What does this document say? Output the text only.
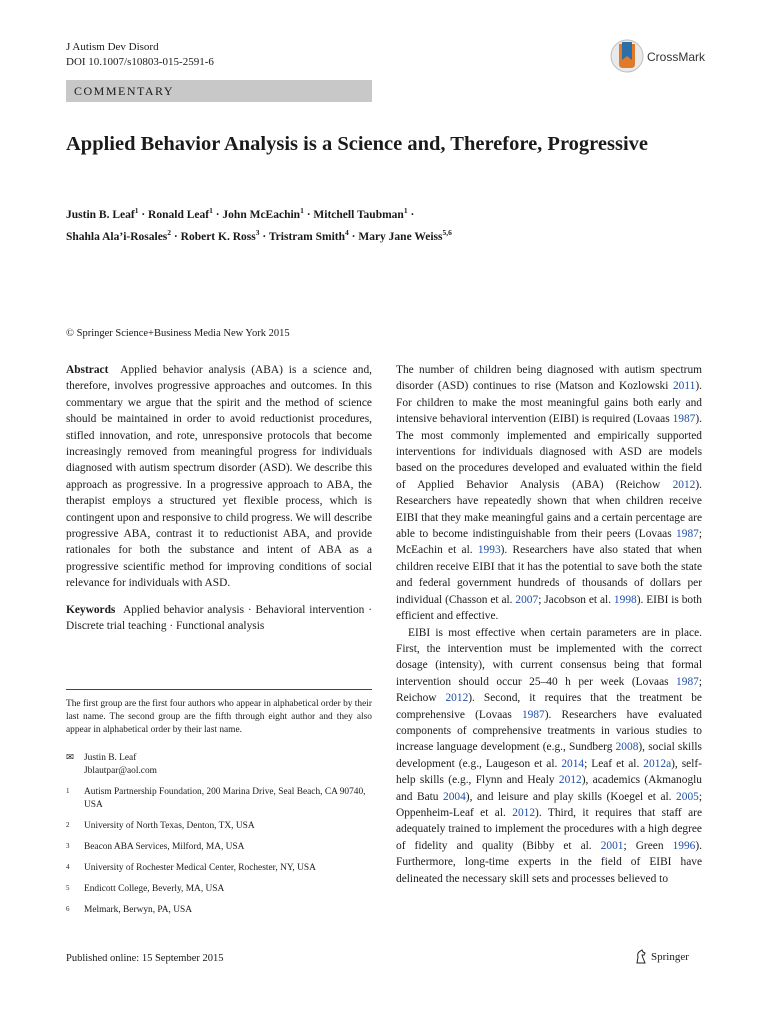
J Autism Dev Disord
DOI 10.1007/s10803-015-2591-6	CrossMark
COMMENTARY
Applied Behavior Analysis is a Science and, Therefore, Progressive
Justin B. Leaf$^1$ · Ronald Leaf$^1$ · John McEachin$^1$ · Mitchell Taubman$^1$ ·
Shahla Ala’i-Rosales$^2$ · Robert K. Ross$^3$ · Tristram Smith$^4$ · Mary Jane Weiss$^{5,6}$
© Springer Science+Business Media New York 2015
Abstract Applied behavior analysis (ABA) is a science and, therefore, involves progressive approaches and outcomes. In this commentary we argue that the spirit and the method of science should be maintained in order to avoid reductionist procedures, stifled innovation, and rote, unresponsive protocols that become increasingly removed from meaningful progress for individuals diagnosed with autism spectrum disorder (ASD). We describe this approach as progressive. In a progressive approach to ABA, the therapist employs a structured yet flexible process, which is contingent upon and responsive to child progress. We will describe progressive ABA, contrast it to reductionist ABA, and provide rationales for both the substance and intent of ABA as a progressive scientific method for improving conditions of social relevance for individuals with ASD.
Keywords Applied behavior analysis · Behavioral intervention · Discrete trial teaching · Functional analysis
The first group are the first four authors who appear in alphabetical order by their last name. The second group are the fifth through eight author and they also appear in alphabetical order by their last name.
✉ Justin B. Leaf
Jblautpar@aol.com
1	Autism Partnership Foundation, 200 Marina Drive, Seal Beach, CA 90740, USA
2	University of North Texas, Denton, TX, USA
3	Beacon ABA Services, Milford, MA, USA
4	University of Rochester Medical Center, Rochester, NY, USA
5	Endicott College, Beverly, MA, USA
6	Melmark, Berwyn, PA, USA
The number of children being diagnosed with autism spectrum disorder (ASD) continues to rise (Matson and Kozlowski 2011). For children to make the most meaningful gains both early and intensive behavioral intervention (EIBI) is required (Lovaas 1987). The most commonly implemented and empirically supported interventions for individuals diagnosed with ASD are models based on the procedures developed and evaluated within the field of Applied Behavior Analysis (ABA) (Reichow 2012). Researchers have repeatedly shown that when children receive EIBI that they make meaningful gains and a certain percentage are able to become indistinguishable from their peers (Lovaas 1987; McEachin et al. 1993). Researchers have also stated that when children receive EIBI that it has the potential to save both the state and federal government hundreds of thousands of dollars per individual (Chasson et al. 2007; Jacobson et al. 1998). EIBI is both efficient and effective.
EIBI is most effective when certain parameters are in place. First, the intervention must be implemented with the correct dosage (intensity), with current consensus being that formal intervention should occur 25–40 h per week (Lovaas 1987; Reichow 2012). Second, it requires that the treatment be comprehensive (Lovaas 1987). Researchers have evaluated components of comprehensive treatments in various studies to increase language development (e.g., Sundberg 2008), social skills development (e.g., Laugeson et al. 2014; Leaf et al. 2012a), self-help skills (e.g., Flynn and Healy 2012), academics (Akmanoglu and Batu 2004), and leisure and play skills (Koegel et al. 2005; Oppenheim-Leaf et al. 2012). Third, it requires that staff are adequately trained to implement the procedures with a high degree of fidelity and quality (Bibby et al. 2001; Green 1996). Furthermore, long-time experts in the field of EIBI have delineated the necessary skill sets and processes believed to
Published online: 15 September 2015	Springer
